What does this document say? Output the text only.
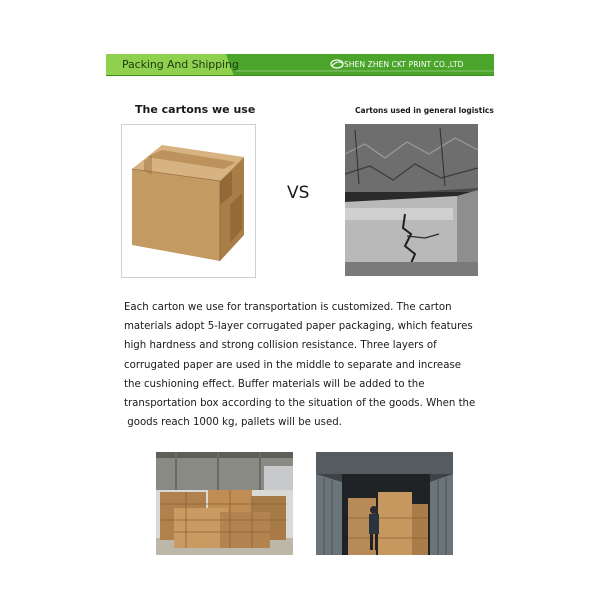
Packing And Shipping	SHEN ZHEN CKT PRINT CO.,LTD
The cartons we use	Cartons used in general logistics
VS
Each carton we use for transportation is customized. The carton
materials adopt 5-layer corrugated paper packaging, which features
high hardness and strong collision resistance. Three layers of
corrugated paper are used in the middle to separate and increase
the cushioning effect. Buffer materials will be added to the
transportation box according to the situation of the goods. When the
goods reach 1000 kg, pallets will be used.
